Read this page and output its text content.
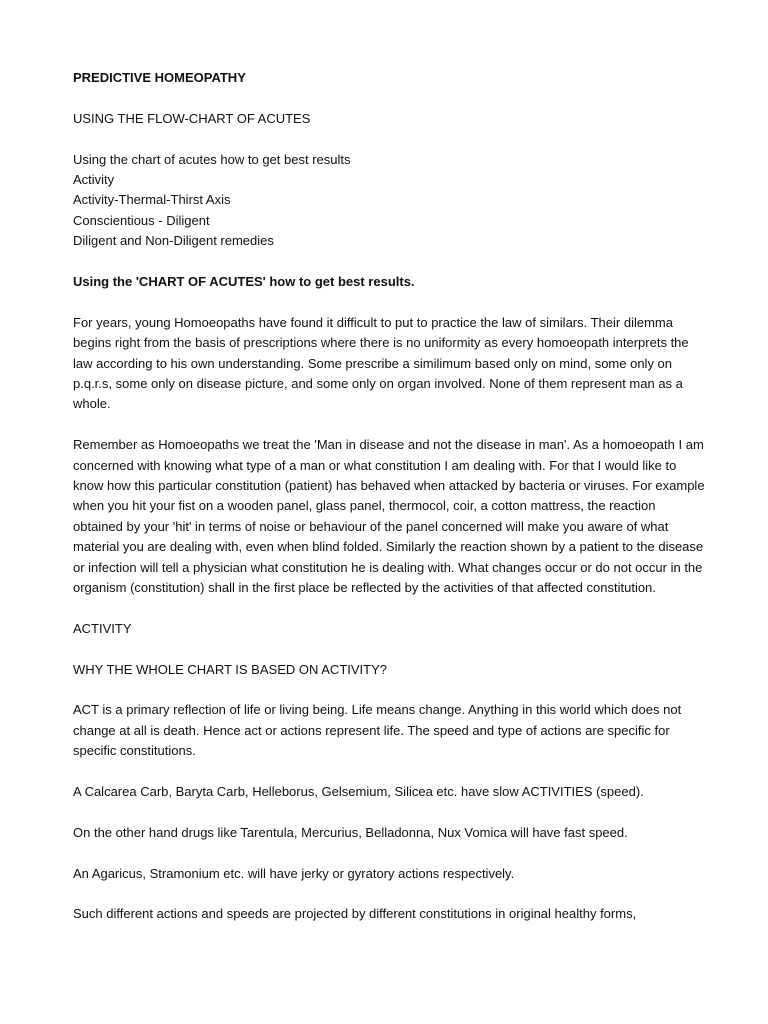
PREDICTIVE HOMEOPATHY

USING THE FLOW-CHART OF ACUTES

Using the chart of acutes how to get best results
Activity
Activity-Thermal-Thirst Axis
Conscientious - Diligent
Diligent and Non-Diligent remedies

Using the 'CHART OF ACUTES' how to get best results.

For years, young Homoeopaths have found it difficult to put to practice the law of similars. Their dilemma begins right from the basis of prescriptions where there is no uniformity as every homoeopath interprets the law according to his own understanding. Some prescribe a similimum based only on mind, some only on p.q.r.s, some only on disease picture, and some only on organ involved. None of them represent man as a whole.

Remember as Homoeopaths we treat the 'Man in disease and not the disease in man'. As a homoeopath I am concerned with knowing what type of a man or what constitution I am dealing with. For that I would like to know how this particular constitution (patient) has behaved when attacked by bacteria or viruses. For example when you hit your fist on a wooden panel, glass panel, thermocol, coir, a cotton mattress, the reaction obtained by your 'hit' in terms of noise or behaviour of the panel concerned will make you aware of what material you are dealing with, even when blind folded. Similarly the reaction shown by a patient to the disease or infection will tell a physician what constitution he is dealing with. What changes occur or do not occur in the organism (constitution) shall in the first place be reflected by the activities of that affected constitution.

ACTIVITY

WHY THE WHOLE CHART IS BASED ON ACTIVITY?

ACT is a primary reflection of life or living being. Life means change. Anything in this world which does not change at all is death. Hence act or actions represent life. The speed and type of actions are specific for specific constitutions.

A Calcarea Carb, Baryta Carb, Helleborus, Gelsemium, Silicea etc. have slow ACTIVITIES (speed).

On the other hand drugs like Tarentula, Mercurius, Belladonna, Nux Vomica will have fast speed.

An Agaricus, Stramonium etc. will have jerky or gyratory actions respectively.

Such different actions and speeds are projected by different constitutions in original healthy forms,
